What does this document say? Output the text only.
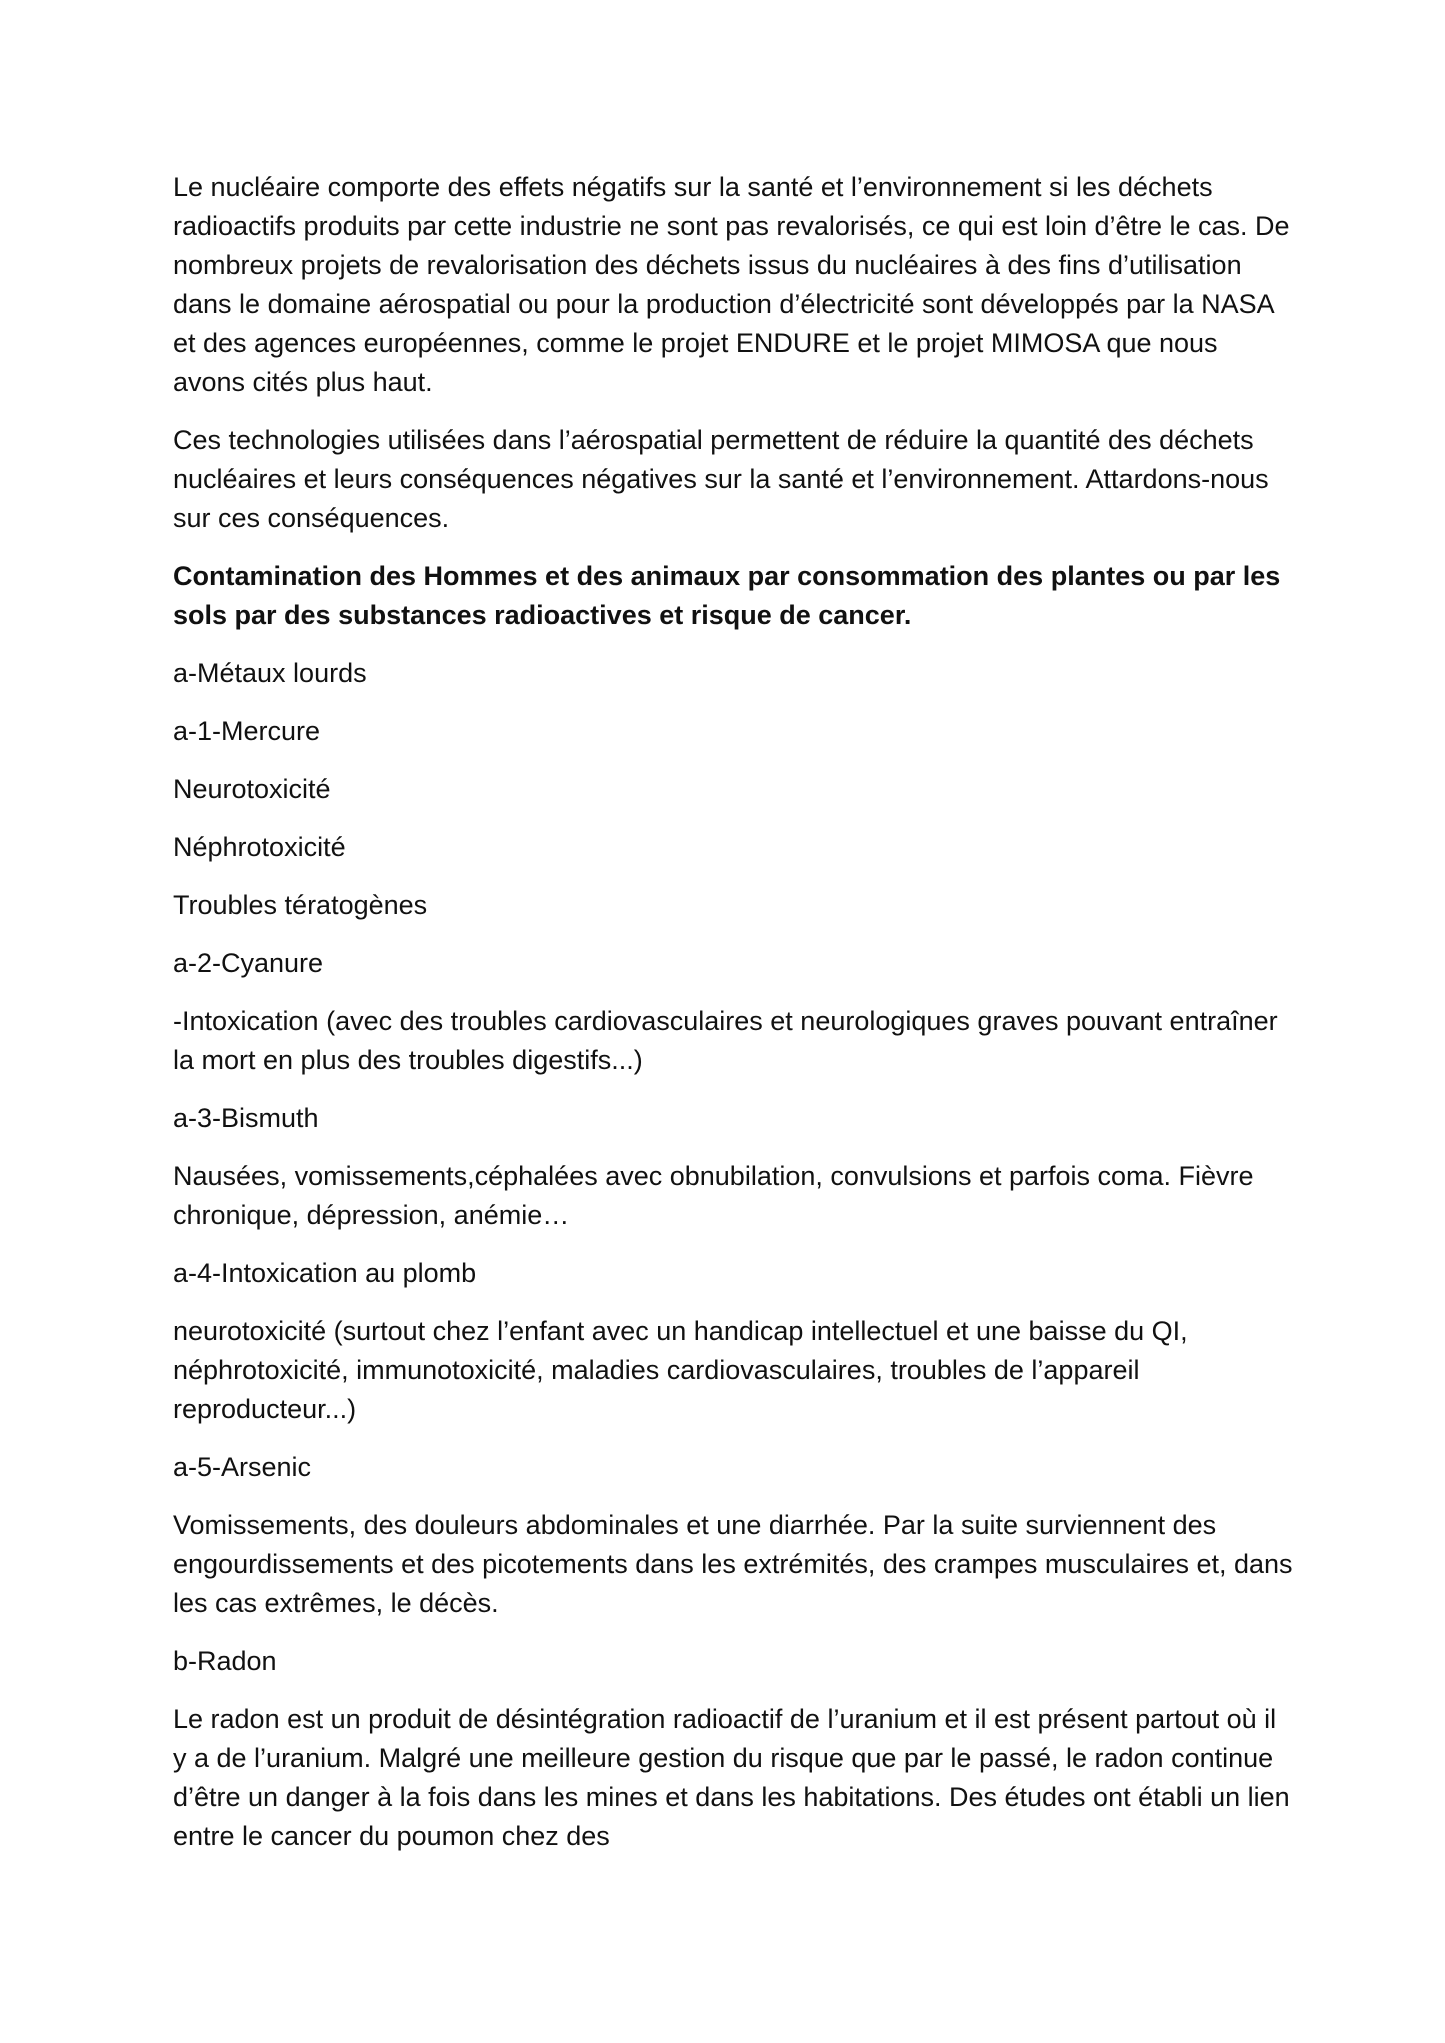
Le nucléaire comporte des effets négatifs sur la santé et l’environnement si les déchets radioactifs produits par cette industrie ne sont pas revalorisés, ce qui est loin d’être le cas. De nombreux projets de revalorisation des déchets issus du nucléaires à des fins d’utilisation dans le domaine aérospatial ou pour la production d’électricité sont développés par la NASA et des agences européennes, comme le projet ENDURE et le projet MIMOSA que nous avons cités plus haut.

Ces technologies utilisées dans l’aérospatial permettent de réduire la quantité des déchets nucléaires et leurs conséquences négatives sur la santé et l’environnement. Attardons-nous sur ces conséquences.

Contamination des Hommes et des animaux par consommation des plantes ou par les sols par des substances radioactives et risque de cancer.

a-Métaux lourds

a-1-Mercure

Neurotoxicité

Néphrotoxicité

Troubles tératogènes

a-2-Cyanure

-Intoxication (avec des troubles cardiovasculaires et neurologiques graves pouvant entraîner la mort en plus des troubles digestifs...)

a-3-Bismuth

Nausées, vomissements,céphalées avec obnubilation, convulsions et parfois coma. Fièvre chronique, dépression, anémie…

a-4-Intoxication au plomb

neurotoxicité (surtout chez l’enfant avec un handicap intellectuel et une baisse du QI, néphrotoxicité, immunotoxicité, maladies cardiovasculaires, troubles de l’appareil reproducteur...)

a-5-Arsenic

Vomissements, des douleurs abdominales et une diarrhée. Par la suite surviennent des engourdissements et des picotements dans les extrémités, des crampes musculaires et, dans les cas extrêmes, le décès.

b-Radon

Le radon est un produit de désintégration radioactif de l’uranium et il est présent partout où il y a de l’uranium. Malgré une meilleure gestion du risque que par le passé, le radon continue d’être un danger à la fois dans les mines et dans les habitations. Des études ont établi un lien entre le cancer du poumon chez des
